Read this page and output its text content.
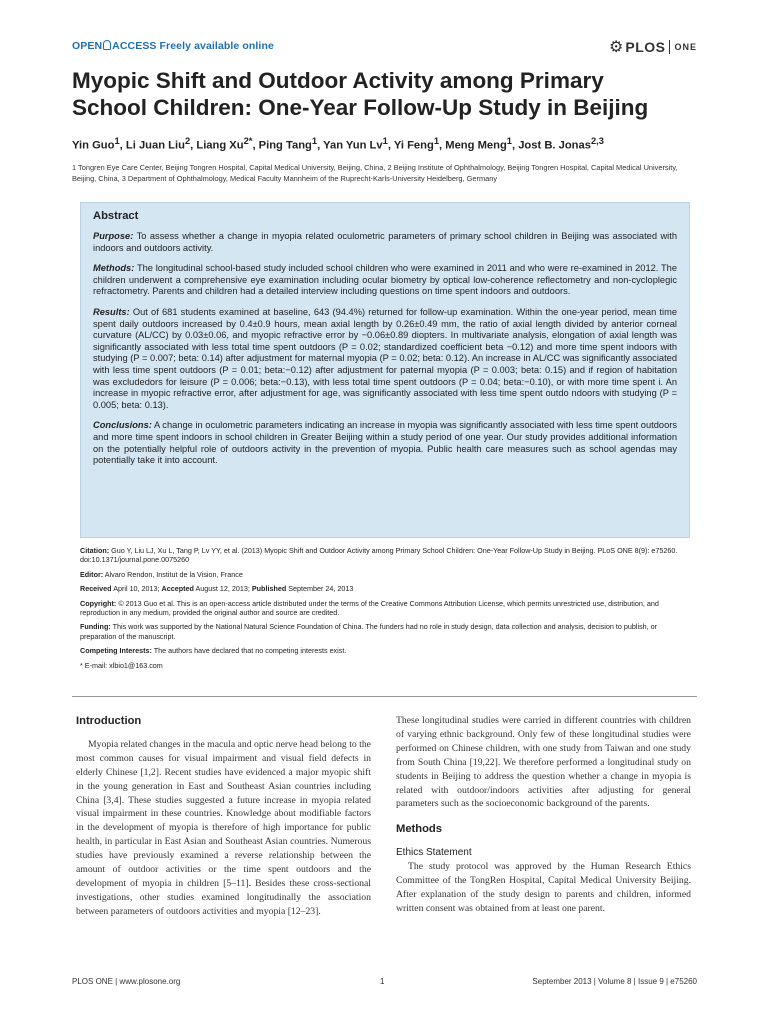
OPEN ACCESS Freely available online	⚙ PLOS ONE
Myopic Shift and Outdoor Activity among Primary
School Children: One-Year Follow-Up Study in Beijing
Yin Guo$^1$, Li Juan Liu$^2$, Liang $Xu^{2*}$, Ping Tang$^1$, Yan Yun Lv$^1$, Yi Feng$^1$, Meng Meng$^1$, Jost B. Jonas$^{2,3}$
1 Tongren Eye Care Center, Beijing Tongren Hospital, Capital Medical University, Beijing, China, 2 Beijing Institute of Ophthalmology, Beijing Tongren Hospital, Capital Medical University, Beijing, China, 3 Department of Ophthalmology, Medical Faculty Mannheim of the Ruprecht-Karls-University Heidelberg, Germany
Abstract

Purpose: To assess whether a change in myopia related oculometric parameters of primary school children in Beijing was associated with indoors and outdoors activity.

Methods: The longitudinal school-based study included school children who were examined in 2011 and who were re-examined in 2012. The children underwent a comprehensive eye examination including ocular biometry by optical low-coherence reflectometry and non-cycloplegic refractometry. Parents and children had a detailed interview including questions on time spent indoors and outdoors.

Results: Out of 681 students examined at baseline, 643 (94.4%) returned for follow-up examination. Within the one-year period, mean time spent daily outdoors increased by 0.4±0.9 hours, mean axial length by 0.26±0.49 mm, the ratio of axial length divided by anterior corneal curvature (AL/CC) by 0.03±0.06, and myopic refractive error by −0.06±0.89 diopters. In multivariate analysis, elongation of axial length was significantly associated with less total time spent outdoors (P = 0.02; standardized coefficient beta −0.12) and more time spent indoors with studying (P = 0.007; beta: 0.14) after adjustment for maternal myopia (P = 0.02; beta: 0.12). An increase in AL/CC was significantly associated with less time spent outdoors (P = 0.01; beta:−0.12) after adjustment for paternal myopia (P = 0.003; beta: 0.15) and if region of habitation was excludedors for leisure (P = 0.006; beta:−0.13), with less total time spent outdoors (P = 0.04; beta:−0.10), or with more time spent i. An increase in myopic refractive error, after adjustment for age, was significantly associated with less time spent outdo ndoors with studying (P = 0.005; beta: 0.13).

Conclusions: A change in oculometric parameters indicating an increase in myopia was significantly associated with less time spent outdoors and more time spent indoors in school children in Greater Beijing within a study period of one year. Our study provides additional information on the potentially helpful role of outdoors activity in the prevention of myopia. Public health care measures such as school agendas may potentially take it into account.

Citation: Guo Y, Liu LJ, Xu L, Tang P, Lv YY, et al. (2013) Myopic Shift and Outdoor Activity among Primary School Children: One-Year Follow-Up Study in Beijing. PLoS ONE 8(9): e75260. doi:10.1371/journal.pone.0075260

Editor: Alvaro Rendon, Institut de la Vision, France

Received April 10, 2013; Accepted August 12, 2013; Published September 24, 2013

Copyright: © 2013 Guo et al. This is an open-access article distributed under the terms of the Creative Commons Attribution License, which permits unrestricted use, distribution, and reproduction in any medium, provided the original author and source are credited.

Funding: This work was supported by the National Natural Science Foundation of China. The funders had no role in study design, data collection and analysis, decision to publish, or preparation of the manuscript.

Competing Interests: The authors have declared that no competing interests exist.

* E-mail: xlbio1@163.com

Introduction

Myopia related changes in the macula and optic nerve head belong to the most common causes for visual impairment and visual field defects in elderly Chinese [1,2]. Recent studies have evidenced a major myopic shift in the young generation in East and Southeast Asian countries including China [3,4]. These studies suggested a future increase in myopia related visual impairment in these countries. Knowledge about modifiable factors in the development of myopia is therefore of high importance for public health, in particular in East Asian and Southeast Asian countries. Numerous studies have previously examined a reverse relationship between the amount of outdoor activities or the time spent outdoors and the development of myopia in children [5–11]. Besides these cross-sectional investigations, other studies examined longitudinally the association between parameters of outdoors activities and myopia [12–23].

These longitudinal studies were carried in different countries with children of varying ethnic background. Only few of these longitudinal studies were performed on Chinese children, with one study from Taiwan and one study from South China [19,22]. We therefore performed a longitudinal study on students in Beijing to address the question whether a change in myopia is related with outdoor/indoors activities after adjusting for general parameters such as the socioeconomic background of the parents.

Methods
Ethics Statement

The study protocol was approved by the Human Research Ethics Committee of the TongRen Hospital, Capital Medical University Beijing. After explanation of the study design to parents and children, informed written consent was obtained from at least one parent.

PLOS ONE | www.plosone.org	1	September 2013 | Volume 8 | Issue 9 | e75260
